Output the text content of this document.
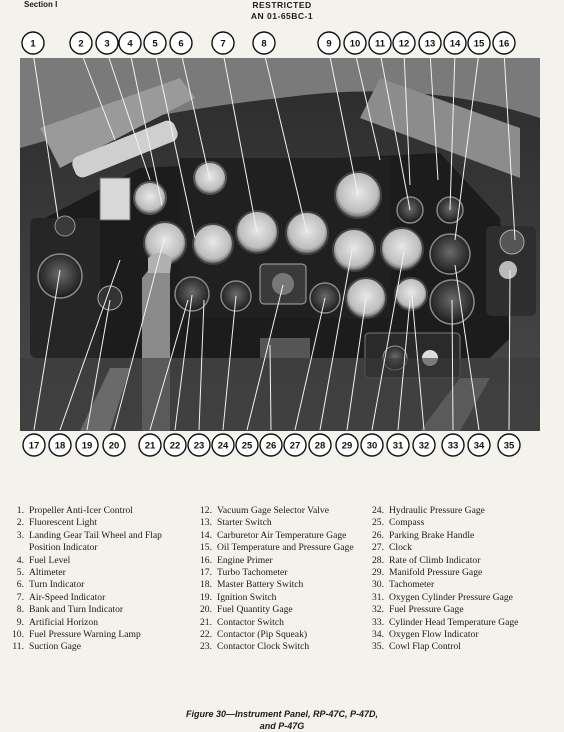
Section I	RESTRICTED
AN 01-65BC-1
1	2 3 4 5 6	7	8	9 10 11 12 13 14 15 16
17 18 19 20	21 22 23 24 25 26 27 28 29 30 31 32 33 34 35
1. Propeller Anti-Icer Control
2. Fluorescent Light
3. Landing Gear Tail Wheel and Flap Position Indicator
4. Fuel Level
5. Altimeter
6. Turn Indicator
7. Air-Speed Indicator
8. Bank and Turn Indicator
9. Artificial Horizon
10. Fuel Pressure Warning Lamp
11. Suction Gage
12. Vacuum Gage Selector Valve
13. Starter Switch
14. Carburetor Air Temperature Gage
15. Oil Temperature and Pressure Gage
16. Engine Primer
17. Turbo Tachometer
18. Master Battery Switch
19. Ignition Switch
20. Fuel Quantity Gage
21. Contactor Switch
22. Contactor (Pip Squeak)
23. Contactor Clock Switch
24. Hydraulic Pressure Gage
25. Compass
26. Parking Brake Handle
27. Clock
28. Rate of Climb Indicator
29. Manifold Pressure Gage
30. Tachometer
31. Oxygen Cylinder Pressure Gage
32. Fuel Pressure Gage
33. Cylinder Head Temperature Gage
34. Oxygen Flow Indicator
35. Cowl Flap Control
Figure 30—Instrument Panel, RP-47C, P-47D,
and P-47G
